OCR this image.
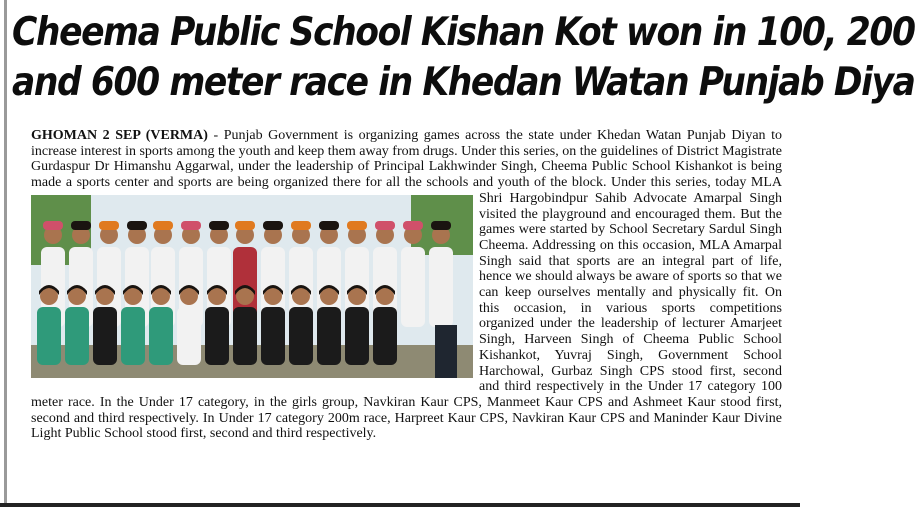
Cheema Public School Kishan Kot won in 100, 200
and 600 meter race in Khedan Watan Punjab Diya

GHOMAN 2 SEP (VERMA) - Punjab Government is organizing games across the state under Khedan Watan Punjab Diyan to increase interest in sports among the youth and keep them away from drugs. Under this series, on the guidelines of District Magistrate Gurdaspur Dr Himanshu Aggarwal, under the leadership of Principal Lakhwinder Singh, Cheema Public School Kishankot is being made a sports center and sports are being organized there for all the schools and youth of the block.
Under this series, today MLA Shri Hargobindpur Sahib Advocate Amarpal Singh visited the playground and encouraged them. But the games were started by School Secretary Sardul Singh Cheema. Addressing on this occasion, MLA Amarpal Singh said that sports are an integral part of life, hence we should always be aware of sports so that we can keep ourselves mentally and physically fit. On this occasion, in various sports competitions organized under the leadership of lecturer Amarjeet Singh, Harveen Singh of Cheema Public School Kishankot, Yuvraj Singh, Government School Harchowal, Gurbaz Singh CPS stood first, second and third respectively in the Under 17 category 100 meter race. In the Under 17 category, in the girls group, Navkiran Kaur CPS, Manmeet Kaur CPS and Ashmeet Kaur stood first, second and third respectively. In Under 17 category 200m race, Harpreet Kaur CPS, Navkiran Kaur CPS and Maninder Kaur Divine Light Public School stood first, second and third respectively.
